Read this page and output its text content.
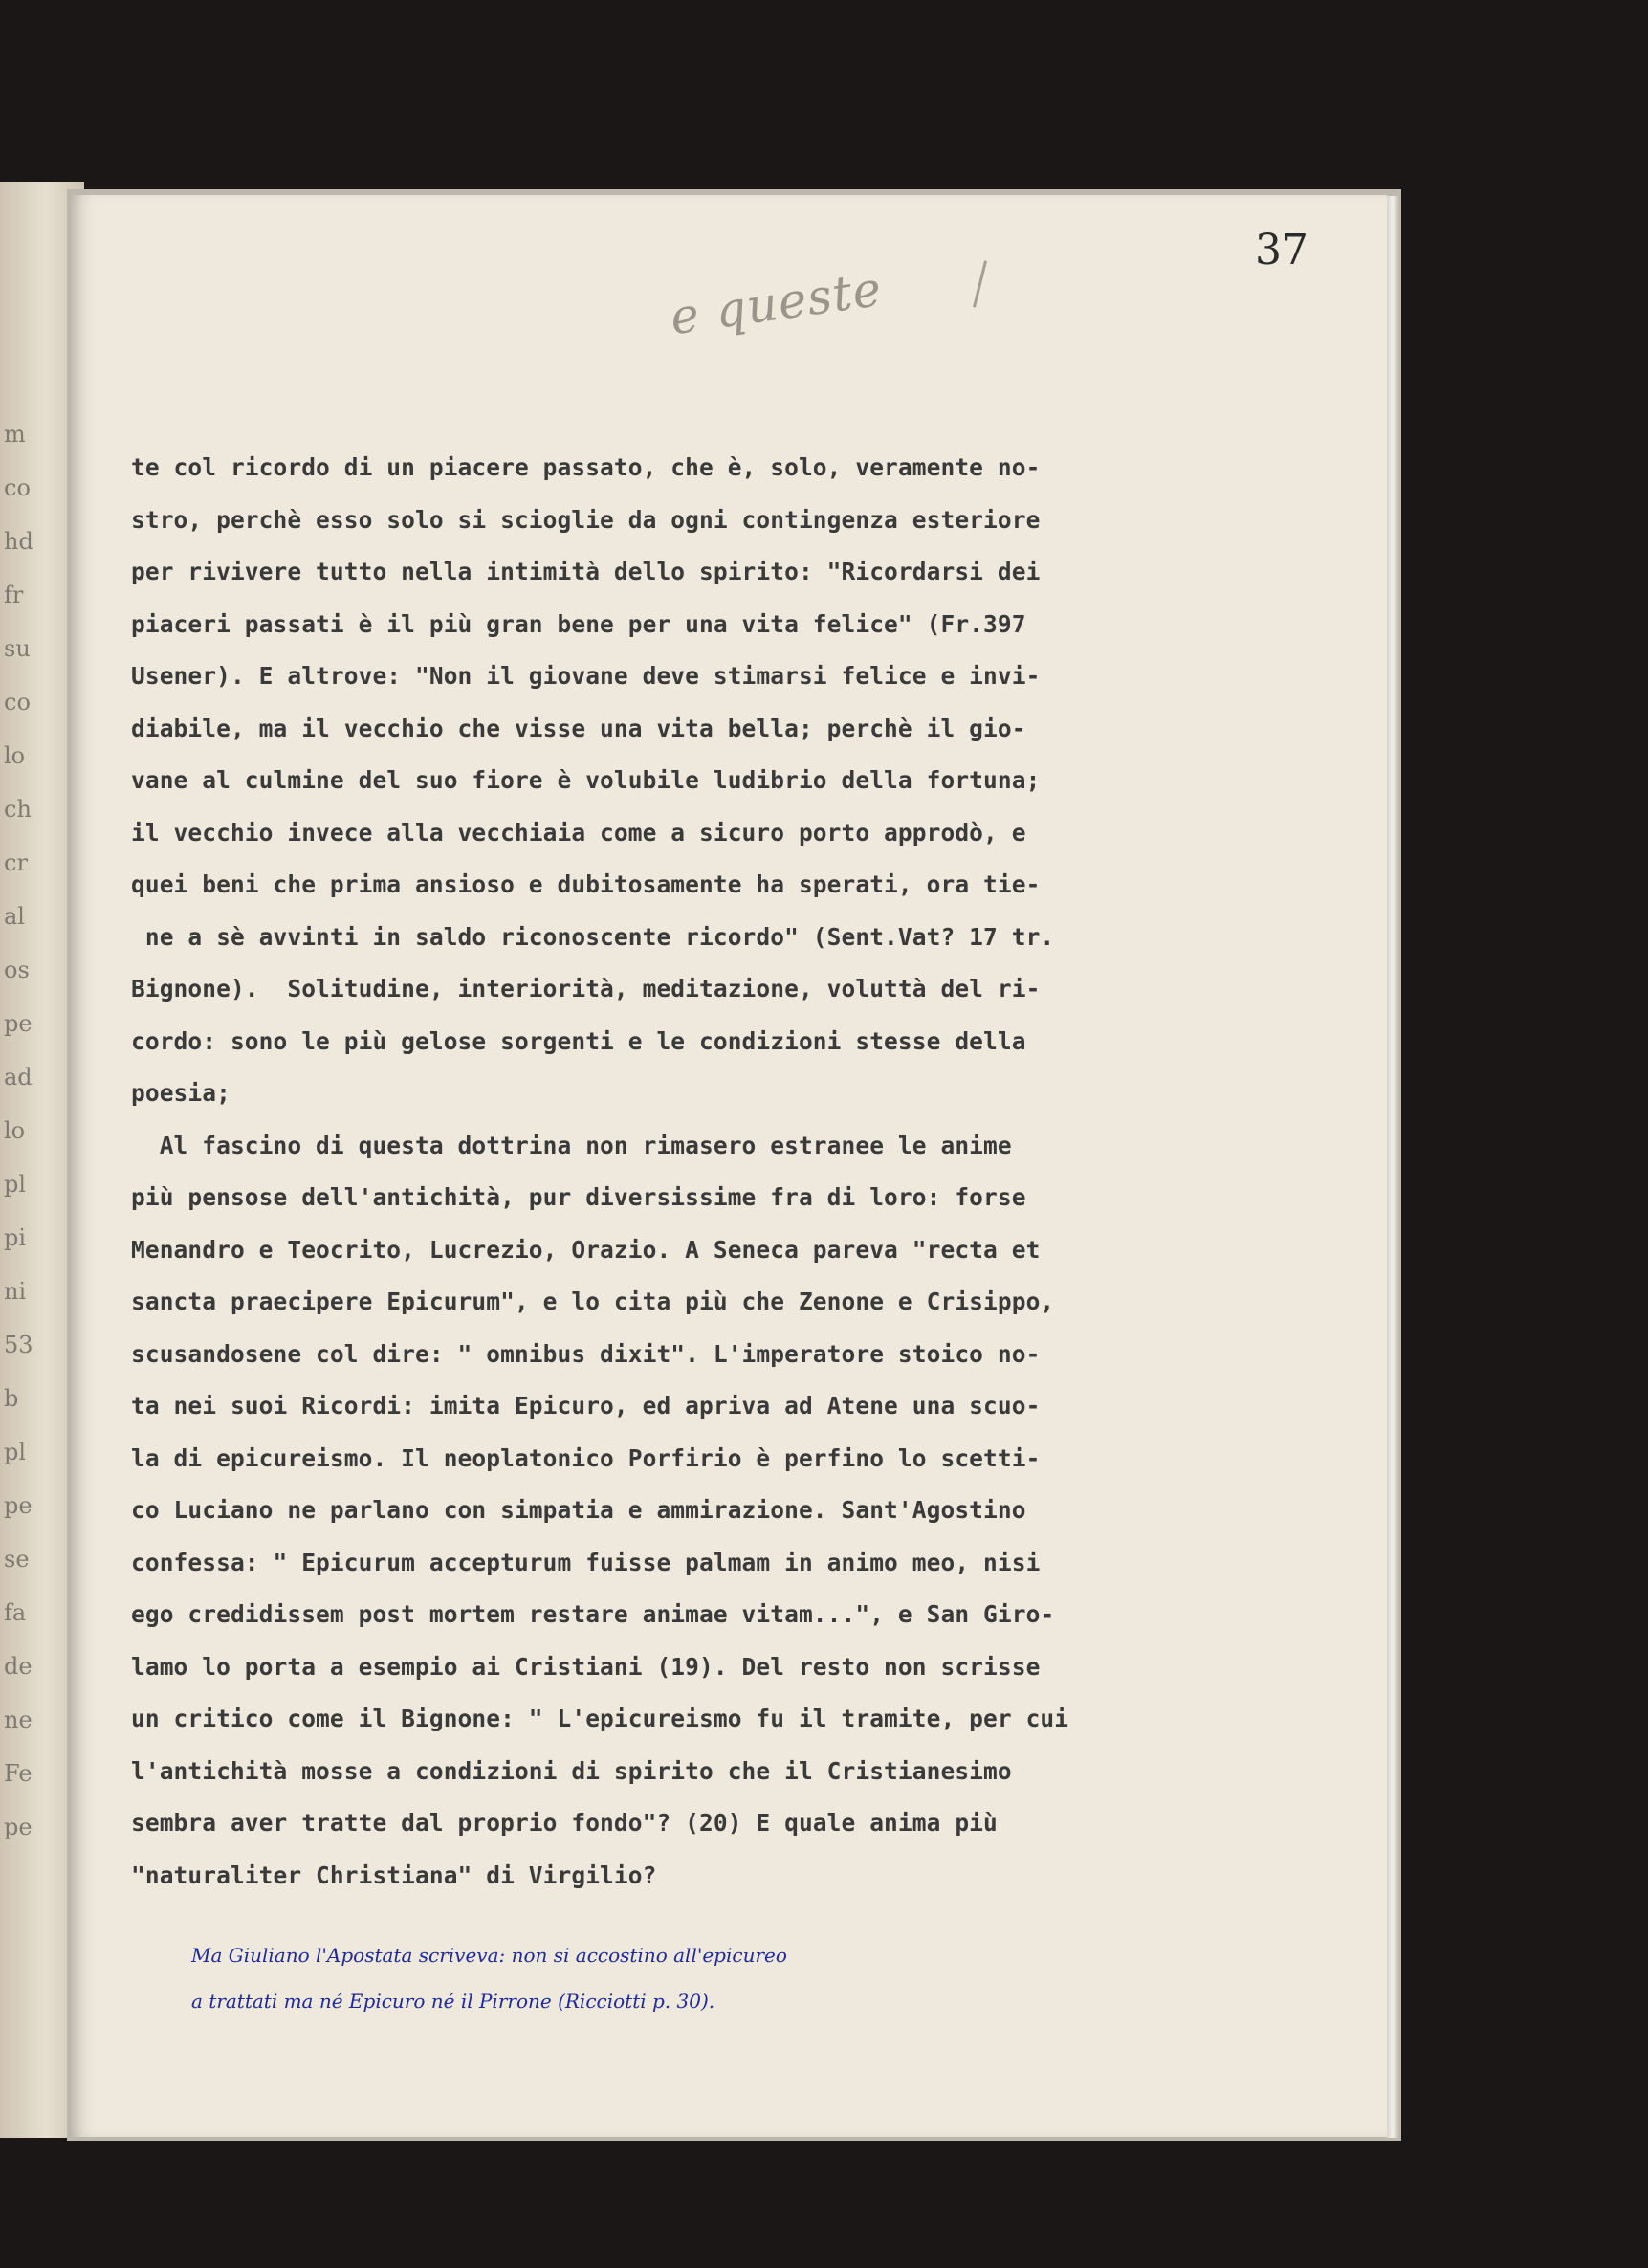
m
co
hd
fr
su
co
lo
ch
cr
al
os
pe
ad
lo
pl
pi
ni
53
b
pl
pe
se
fa
de
ne
Fe
pe
37
e queste
te col ricordo di un piacere passato, che è, solo, veramente no-
stro, perchè esso solo si scioglie da ogni contingenza esteriore
per rivivere tutto nella intimità dello spirito: "Ricordarsi dei
piaceri passati è il più gran bene per una vita felice" (Fr.397
Usener). E altrove: "Non il giovane deve stimarsi felice e invi-
diabile, ma il vecchio che visse una vita bella; perchè il gio-
vane al culmine del suo fiore è volubile ludibrio della fortuna;
il vecchio invece alla vecchiaia come a sicuro porto approdò, e
quei beni che prima ansioso e dubitosamente ha sperati, ora tie-
ne a sè avvinti in saldo riconoscente ricordo" (Sent.Vat? 17 tr.
Bignone).  Solitudine, interiorità, meditazione, voluttà del ri-
cordo: sono le più gelose sorgenti e le condizioni stesse della
poesia;
Al fascino di questa dottrina non rimasero estranee le anime
più pensose dell'antichità, pur diversissime fra di loro: forse
Menandro e Teocrito, Lucrezio, Orazio. A Seneca pareva "recta et
sancta praecipere Epicurum", e lo cita più che Zenone e Crisippo,
scusandosene col dire: " omnibus dixit". L'imperatore stoico no-
ta nei suoi Ricordi: imita Epicuro, ed apriva ad Atene una scuo-
la di epicureismo. Il neoplatonico Porfirio è perfino lo scetti-
co Luciano ne parlano con simpatia e ammirazione. Sant'Agostino
confessa: " Epicurum accepturum fuisse palmam in animo meo, nisi
ego credidissem post mortem restare animae vitam...", e San Giro-
lamo lo porta a esempio ai Cristiani (19). Del resto non scrisse
un critico come il Bignone: " L'epicureismo fu il tramite, per cui
l'antichità mosse a condizioni di spirito che il Cristianesimo
sembra aver tratte dal proprio fondo"? (20) E quale anima più
"naturaliter Christiana" di Virgilio?
Ma Giuliano l'Apostata scriveva: non si accostino all'epicureo
a trattati ma né Epicuro né il Pirrone (Ricciotti p. 30).
